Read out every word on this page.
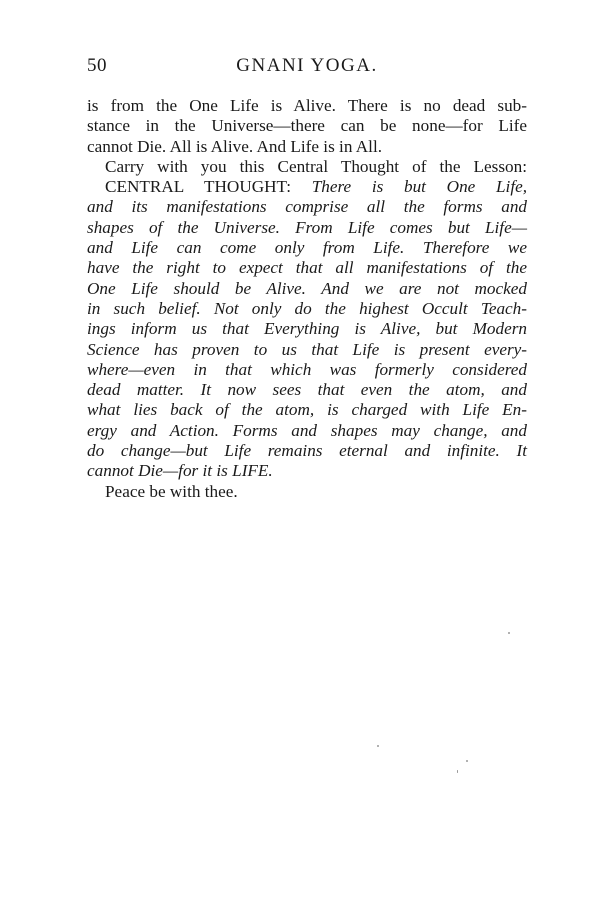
50	GNANI YOGA.
is from the One Life is Alive. There is no dead sub-
stance in the Universe—there can be none—for Life
cannot Die. All is Alive. And Life is in All.
Carry with you this Central Thought of the Lesson:
CENTRAL THOUGHT: There is but One Life,
and its manifestations comprise all the forms and
shapes of the Universe. From Life comes but Life—
and Life can come only from Life. Therefore we
have the right to expect that all manifestations of the
One Life should be Alive. And we are not mocked
in such belief. Not only do the highest Occult Teach-
ings inform us that Everything is Alive, but Modern
Science has proven to us that Life is present every-
where—even in that which was formerly considered
dead matter. It now sees that even the atom, and
what lies back of the atom, is charged with Life En-
ergy and Action. Forms and shapes may change, and
do change—but Life remains eternal and infinite. It
cannot Die—for it is LIFE.
Peace be with thee.
